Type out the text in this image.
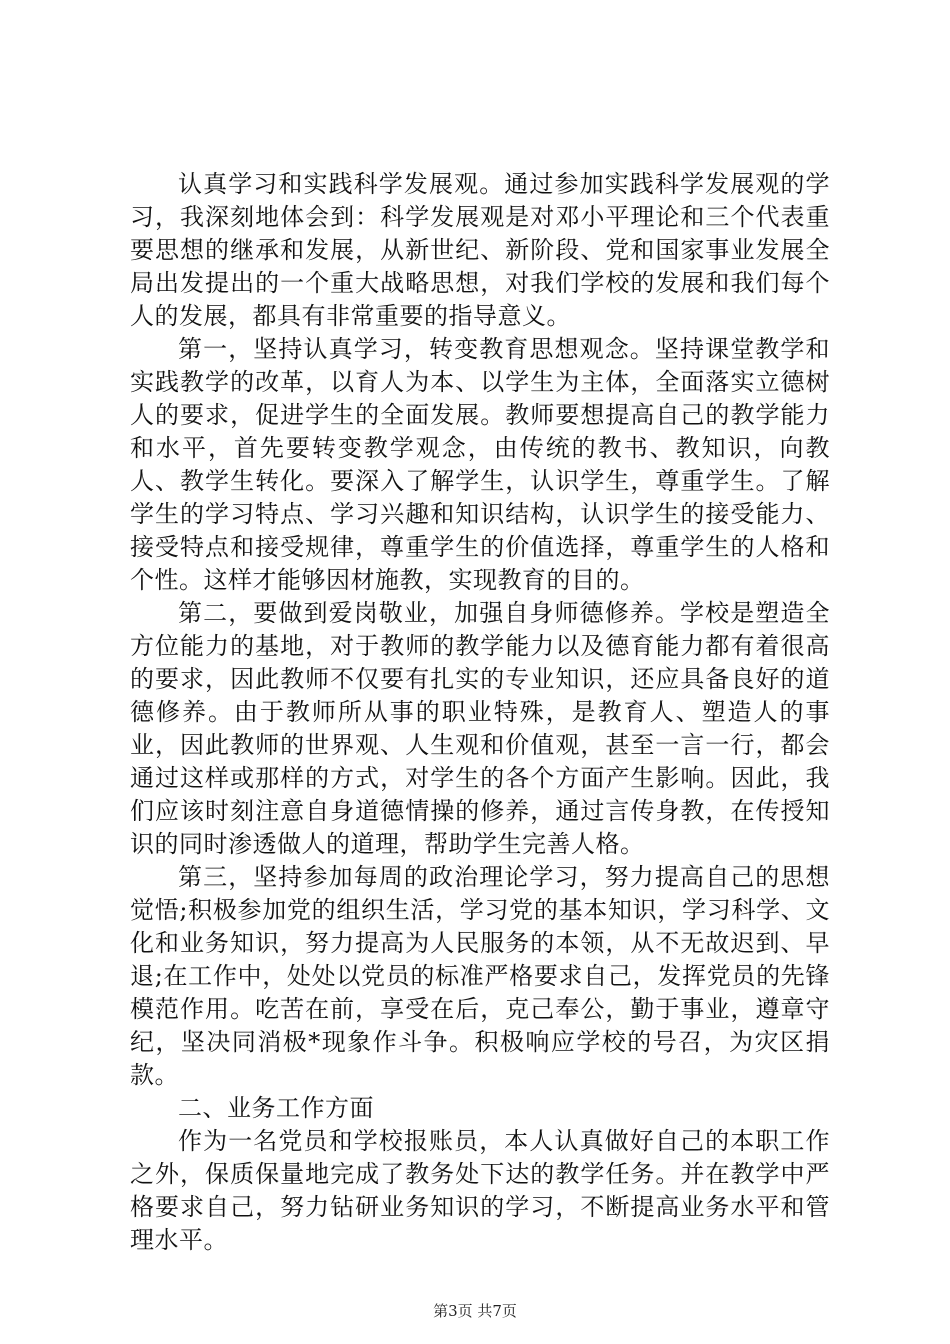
认真学习和实践科学发展观。通过参加实践科学发展观的学习，我深刻地体会到：科学发展观是对邓小平理论和三个代表重要思想的继承和发展，从新世纪、新阶段、党和国家事业发展全局出发提出的一个重大战略思想，对我们学校的发展和我们每个人的发展，都具有非常重要的指导意义。

第一，坚持认真学习，转变教育思想观念。坚持课堂教学和实践教学的改革，以育人为本、以学生为主体，全面落实立德树人的要求，促进学生的全面发展。教师要想提高自己的教学能力和水平，首先要转变教学观念，由传统的教书、教知识，向教人、教学生转化。要深入了解学生，认识学生，尊重学生。了解学生的学习特点、学习兴趣和知识结构，认识学生的接受能力、接受特点和接受规律，尊重学生的价值选择，尊重学生的人格和个性。这样才能够因材施教，实现教育的目的。

第二，要做到爱岗敬业，加强自身师德修养。学校是塑造全方位能力的基地，对于教师的教学能力以及德育能力都有着很高的要求，因此教师不仅要有扎实的专业知识，还应具备良好的道德修养。由于教师所从事的职业特殊，是教育人、塑造人的事业，因此教师的世界观、人生观和价值观，甚至一言一行，都会通过这样或那样的方式，对学生的各个方面产生影响。因此，我们应该时刻注意自身道德情操的修养，通过言传身教，在传授知识的同时渗透做人的道理，帮助学生完善人格。

第三，坚持参加每周的政治理论学习，努力提高自己的思想觉悟;积极参加党的组织生活，学习党的基本知识，学习科学、文化和业务知识，努力提高为人民服务的本领，从不无故迟到、早退;在工作中，处处以党员的标准严格要求自己，发挥党员的先锋模范作用。吃苦在前，享受在后，克己奉公，勤于事业，遵章守纪，坚决同消极*现象作斗争。积极响应学校的号召，为灾区捐款。

二、业务工作方面

作为一名党员和学校报账员，本人认真做好自己的本职工作之外，保质保量地完成了教务处下达的教学任务。并在教学中严格要求自己，努力钻研业务知识的学习，不断提高业务水平和管理水平。

第3页 共7页
